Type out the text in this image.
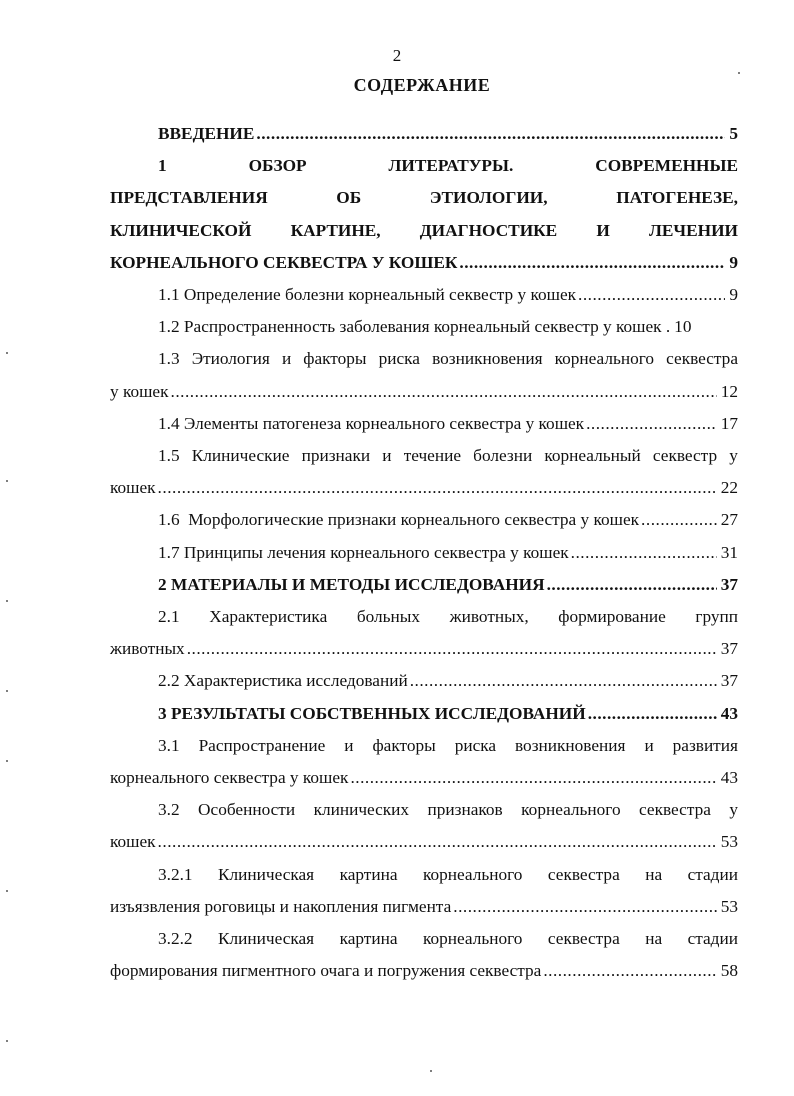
2
СОДЕРЖАНИЕ
ВВЕДЕНИЕ .....	5
1	ОБЗОР	ЛИТЕРАТУРЫ.	СОВРЕМЕННЫЕ
ПРЕДСТАВЛЕНИЯ	ОБ	ЭТИОЛОГИИ,	ПАТОГЕНЕЗЕ,
КЛИНИЧЕСКОЙ КАРТИНЕ, ДИАГНОСТИКЕ И ЛЕЧЕНИИ
КОРНЕАЛЬНОГО СЕКВЕСТРА У КОШЕК .....	9
1.1 Определение болезни корнеальный секвестр у кошек .....	9
1.2 Распространенность заболевания корнеальный секвестр у кошек . 10
1.3 Этиология и факторы риска возникновения корнеального секвестра
у кошек .....	12
1.4 Элементы патогенеза корнеального секвестра у кошек .....	17
1.5 Клинические признаки и течение болезни корнеальный секвестр у
кошек .....	22
1.6  Морфологические признаки корнеального секвестра у кошек .....	27
1.7 Принципы лечения корнеального секвестра у кошек .....	31
2 МАТЕРИАЛЫ И МЕТОДЫ ИССЛЕДОВАНИЯ .....	37
2.1 Характеристика больных животных, формирование групп
животных .....	37
2.2 Характеристика исследований .....	37
3 РЕЗУЛЬТАТЫ СОБСТВЕННЫХ ИССЛЕДОВАНИЙ .....	43
3.1 Распространение и факторы риска возникновения и развития
корнеального секвестра у кошек .....	43
3.2 Особенности клинических признаков корнеального секвестра у
кошек .....	53
3.2.1 Клиническая картина корнеального секвестра на стадии
изъязвления роговицы и накопления пигмента .....	53
3.2.2 Клиническая картина корнеального секвестра на стадии
формирования пигментного очага и погружения секвестра .....	58
